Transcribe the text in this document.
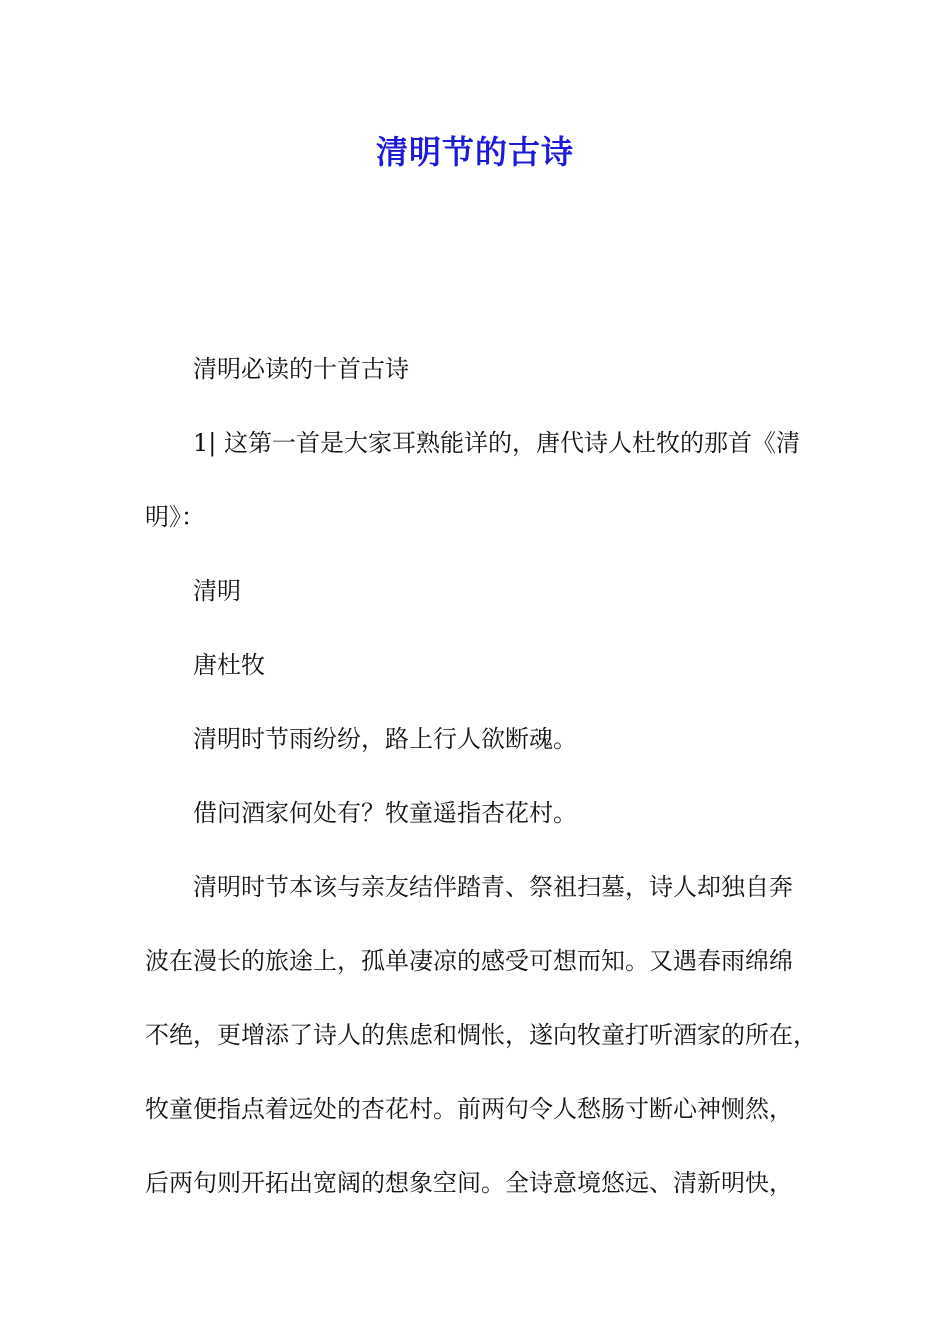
清明节的古诗

清明必读的十首古诗

1| 这第一首是大家耳熟能详的，唐代诗人杜牧的那首《清

明》：

清明

唐杜牧

清明时节雨纷纷，路上行人欲断魂。

借问酒家何处有？牧童遥指杏花村。

清明时节本该与亲友结伴踏青、祭祖扫墓，诗人却独自奔

波在漫长的旅途上，孤单凄凉的感受可想而知。又遇春雨绵绵

不绝，更增添了诗人的焦虑和惆怅，遂向牧童打听酒家的所在，

牧童便指点着远处的杏花村。前两句令人愁肠寸断心神恻然，

后两句则开拓出宽阔的想象空间。全诗意境悠远、清新明快，
